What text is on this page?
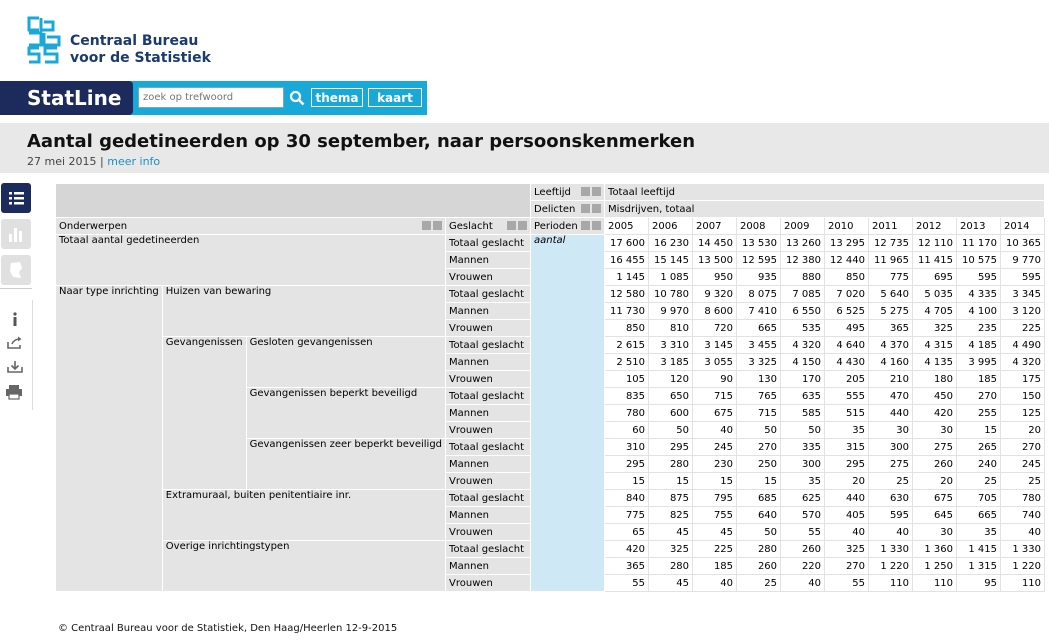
Centraal Bureau
voor de Statistiek
StatLine
zoek op trefwoord	thema	kaart
Aantal gedetineerden op 30 september, naar persoonskenmerken
27 mei 2015 | meer info
				Leeftijd	Totaal leeftijd									
				Delicten	Misdrijven, totaal									
Onderwerpen			Geslacht	Perioden	2005	2006	2007	2008	2009	2010	2011	2012	2013	2014
Totaal aantal gedetineerden			Totaal geslacht	aantal	17 600	16 230	14 450	13 530	13 260	13 295	12 735	12 110	11 170	10 365
			Mannen		16 455	15 145	13 500	12 595	12 380	12 440	11 965	11 415	10 575	9 770
			Vrouwen		1 145	1 085	950	935	880	850	775	695	595	595
Naar type inrichting	Huizen van bewaring		Totaal geslacht		12 580	10 780	9 320	8 075	7 085	7 020	5 640	5 035	4 335	3 345
			Mannen		11 730	9 970	8 600	7 410	6 550	6 525	5 275	4 705	4 100	3 120
			Vrouwen		850	810	720	665	535	495	365	325	235	225
	Gevangenissen	Gesloten gevangenissen	Totaal geslacht		2 615	3 310	3 145	3 455	4 320	4 640	4 370	4 315	4 185	4 490
			Mannen		2 510	3 185	3 055	3 325	4 150	4 430	4 160	4 135	3 995	4 320
			Vrouwen		105	120	90	130	170	205	210	180	185	175
		Gevangenissen beperkt beveiligd	Totaal geslacht		835	650	715	765	635	555	470	450	270	150
			Mannen		780	600	675	715	585	515	440	420	255	125
			Vrouwen		60	50	40	50	50	35	30	30	15	20
		Gevangenissen zeer beperkt beveiligd	Totaal geslacht		310	295	245	270	335	315	300	275	265	270
			Mannen		295	280	230	250	300	295	275	260	240	245
			Vrouwen		15	15	15	15	35	20	25	20	25	25
	Extramuraal, buiten penitentiaire inr.		Totaal geslacht		840	875	795	685	625	440	630	675	705	780
			Mannen		775	825	755	640	570	405	595	645	665	740
			Vrouwen		65	45	45	50	55	40	40	30	35	40
	Overige inrichtingstypen		Totaal geslacht		420	325	225	280	260	325	1 330	1 360	1 415	1 330
			Mannen		365	280	185	260	220	270	1 220	1 250	1 315	1 220
			Vrouwen		55	45	40	25	40	55	110	110	95	110
© Centraal Bureau voor de Statistiek, Den Haag/Heerlen 12-9-2015
